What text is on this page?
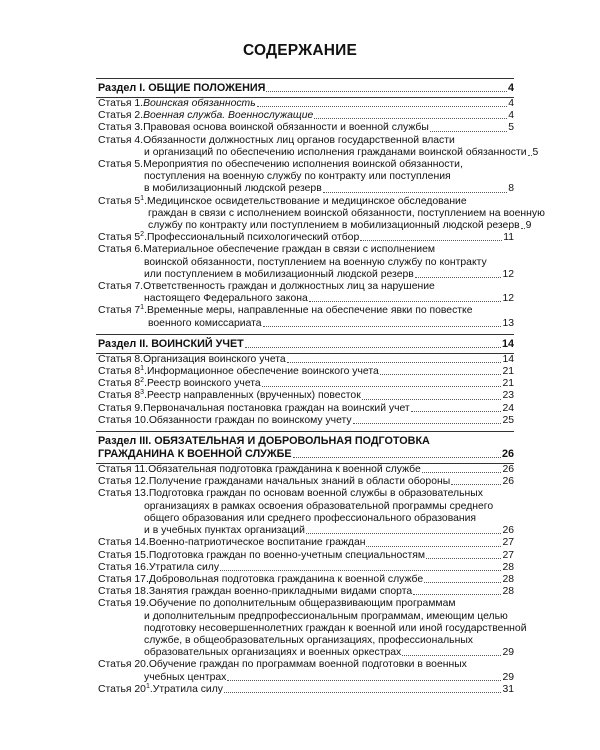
СОДЕРЖАНИЕ
Раздел I. ОБЩИЕ ПОЛОЖЕНИЯ	4
Статья 1. Воинская обязанность	4
Статья 2. Военная служба. Военнослужащие	4
Статья 3. Правовая основа воинской обязанности и военной службы	5
Статья 4. Обязанности должностных лиц органов государственной власти
и организаций по обеспечению исполнения гражданами воинской обязанности 5
Статья 5. Мероприятия по обеспечению исполнения воинской обязанности,
поступления на военную службу по контракту или поступления
в мобилизационный людской резерв	8
Статья $5^1$. Медицинское освидетельствование и медицинское обследование
граждан в связи с исполнением воинской обязанности, поступлением на военную
службу по контракту или поступлением в мобилизационный людской резерв 9
Статья $5^2$. Профессиональный психологический отбор	11
Статья 6. Материальное обеспечение граждан в связи с исполнением
воинской обязанности, поступлением на военную службу по контракту
или поступлением в мобилизационный людской резерв	12
Статья 7. Ответственность граждан и должностных лиц за нарушение
настоящего Федерального закона	12
Статья $7^1$. Временные меры, направленные на обеспечение явки по повестке
военного комиссариата	13
Раздел II. ВОИНСКИЙ УЧЕТ	14
Статья 8. Организация воинского учета	14
Статья $8^1$. Информационное обеспечение воинского учета	21
Статья $8^2$. Реестр воинского учета	21
Статья $8^3$. Реестр направленных (врученных) повесток	23
Статья 9. Первоначальная постановка граждан на воинский учет	24
Статья 10. Обязанности граждан по воинскому учету	25
Раздел III. ОБЯЗАТЕЛЬНАЯ И ДОБРОВОЛЬНАЯ ПОДГОТОВКА
ГРАЖДАНИНА К ВОЕННОЙ СЛУЖБЕ	26
Статья 11. Обязательная подготовка гражданина к военной службе	26
Статья 12. Получение гражданами начальных знаний в области обороны	26
Статья 13. Подготовка граждан по основам военной службы в образовательных
организациях в рамках освоения образовательной программы среднего
общего образования или среднего профессионального образования
и в учебных пунктах организаций	26
Статья 14. Военно-патриотическое воспитание граждан	27
Статья 15. Подготовка граждан по военно-учетным специальностям	27
Статья 16. Утратила силу	28
Статья 17. Добровольная подготовка гражданина к военной службе	28
Статья 18. Занятия граждан военно-прикладными видами спорта	28
Статья 19. Обучение по дополнительным общеразвивающим программам
и дополнительным предпрофессиональным программам, имеющим целью
подготовку несовершеннолетних граждан к военной или иной государственной
службе, в общеобразовательных организациях, профессиональных
образовательных организациях и военных оркестрах	29
Статья 20. Обучение граждан по программам военной подготовки в военных
учебных центрах	29
Статья $20^1$. Утратила силу	31
